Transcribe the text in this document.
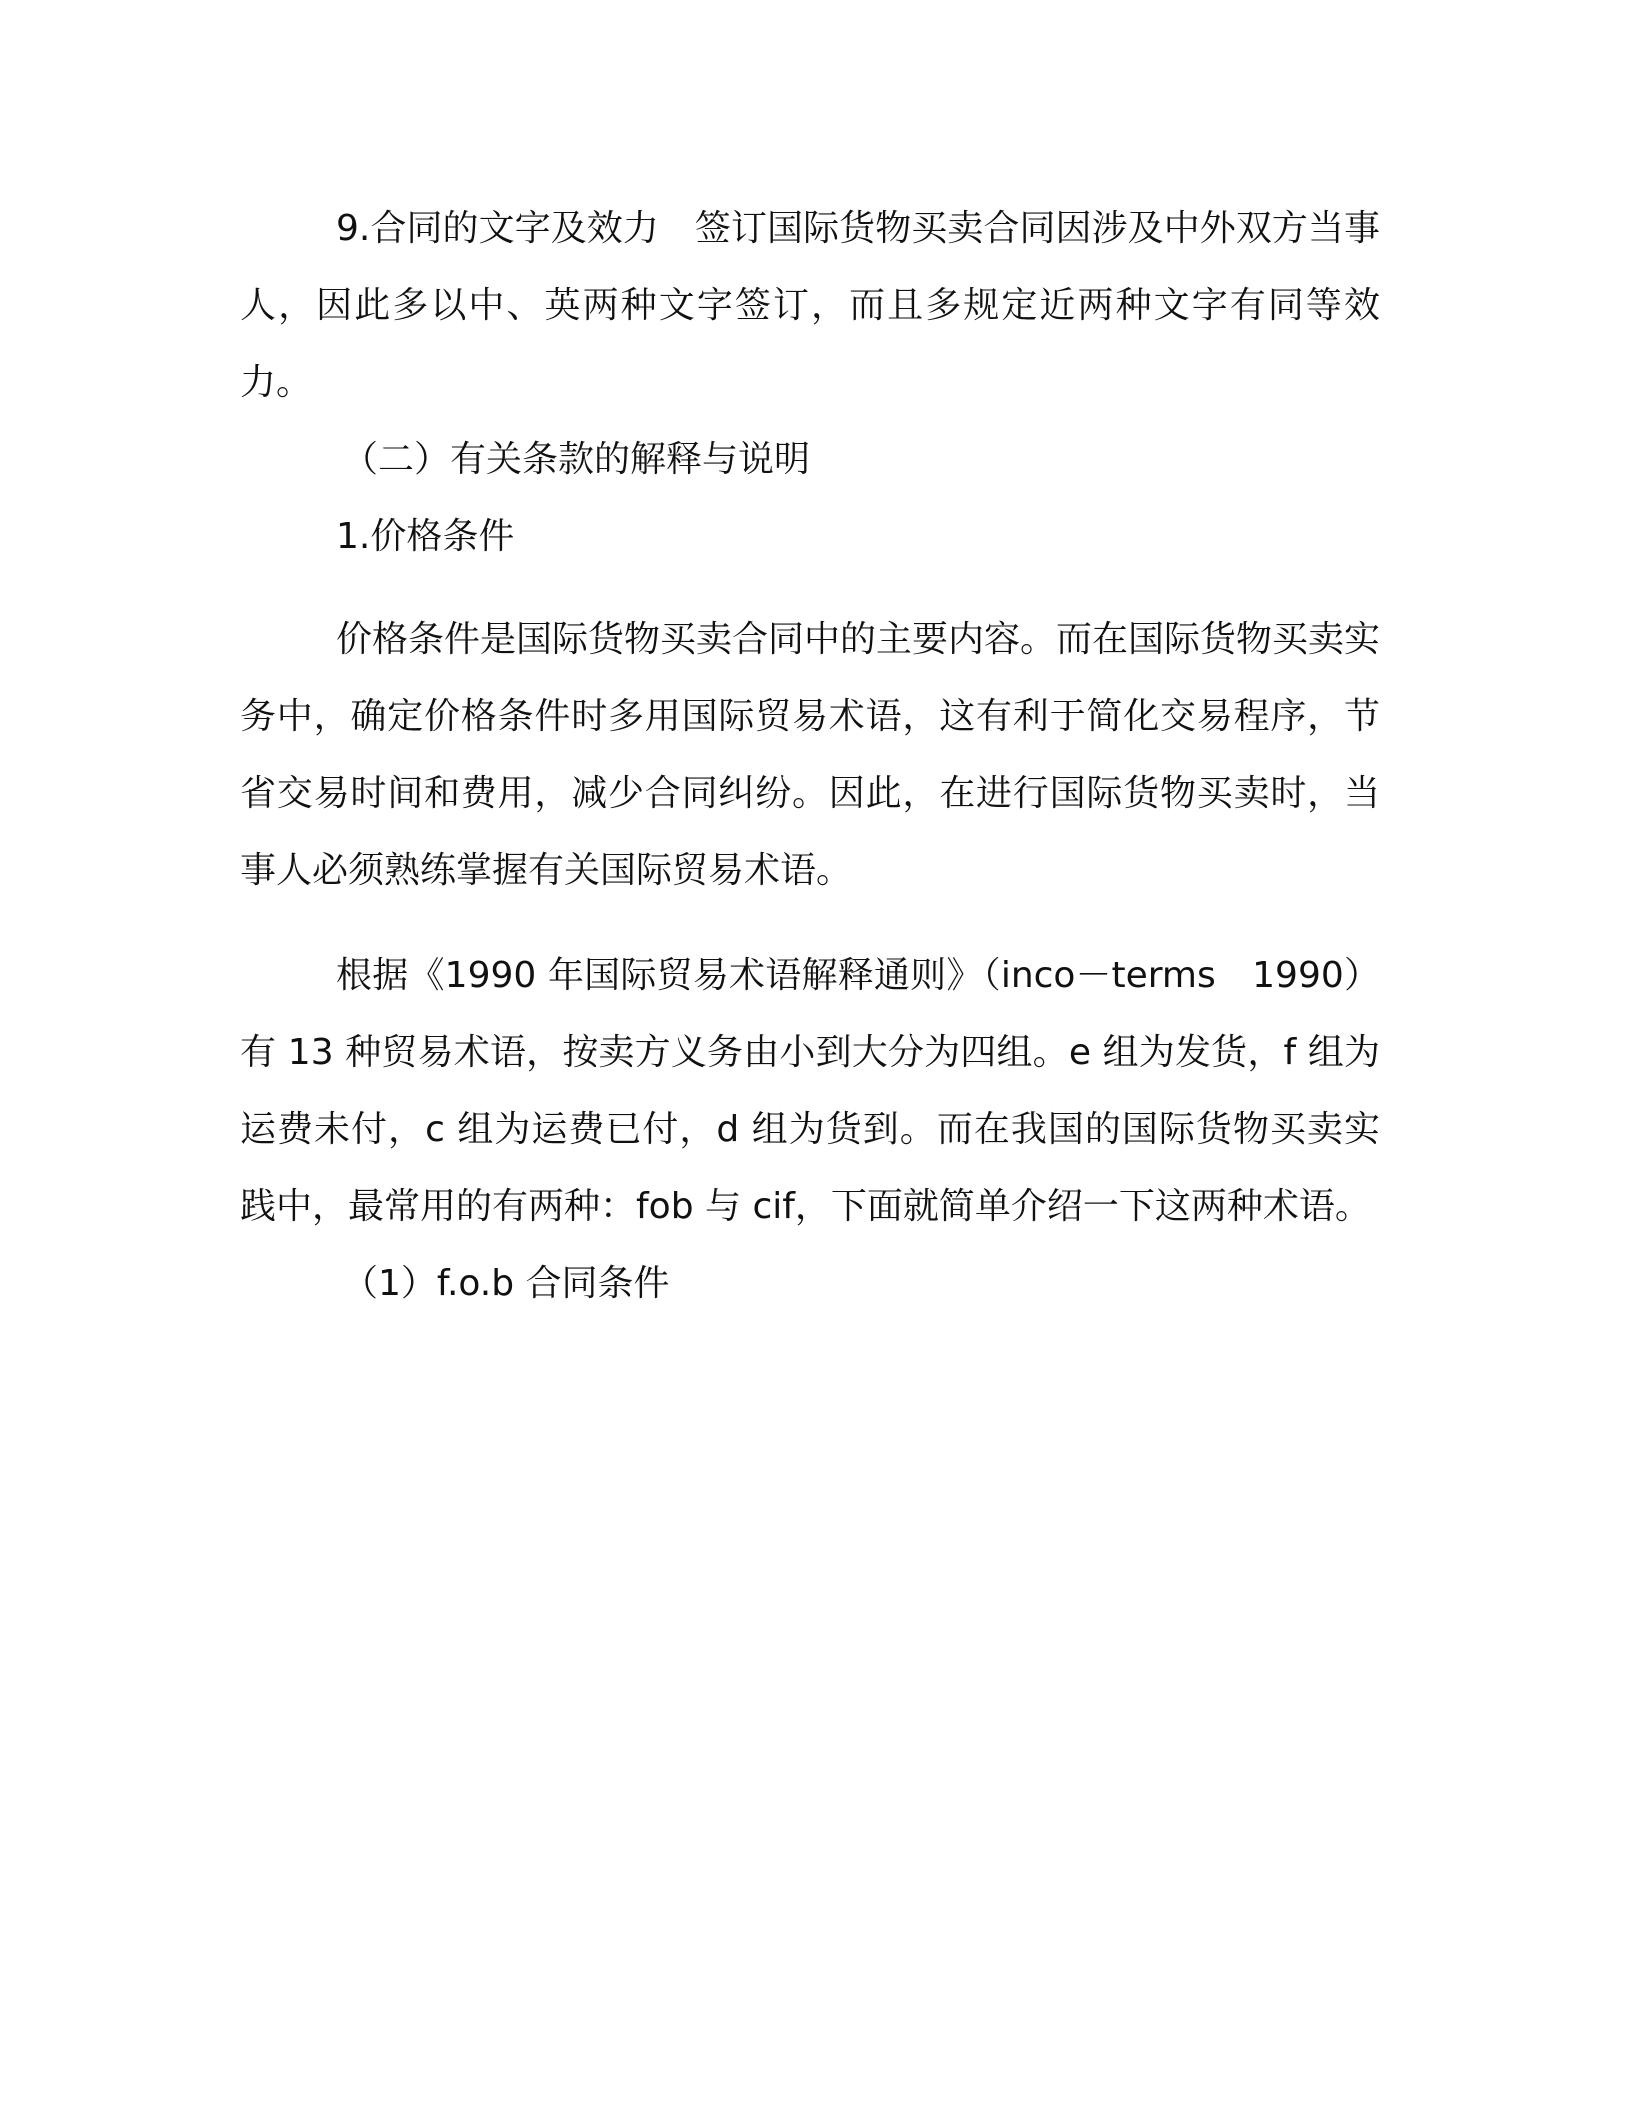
9.合同的文字及效力　签订国际货物买卖合同因涉及中外双方当事人，因此多以中、英两种文字签订，而且多规定近两种文字有同等效力。

（二）有关条款的解释与说明

1.价格条件

价格条件是国际货物买卖合同中的主要内容。而在国际货物买卖实务中，确定价格条件时多用国际贸易术语，这有利于简化交易程序，节省交易时间和费用，减少合同纠纷。因此，在进行国际货物买卖时，当事人必须熟练掌握有关国际贸易术语。

根据《1990 年国际贸易术语解释通则》（inco－terms　1990）有 13 种贸易术语，按卖方义务由小到大分为四组。e 组为发货，f 组为运费未付，c 组为运费已付，d 组为货到。而在我国的国际货物买卖实践中，最常用的有两种：fob 与 cif，下面就简单介绍一下这两种术语。

（1）f.o.b 合同条件
